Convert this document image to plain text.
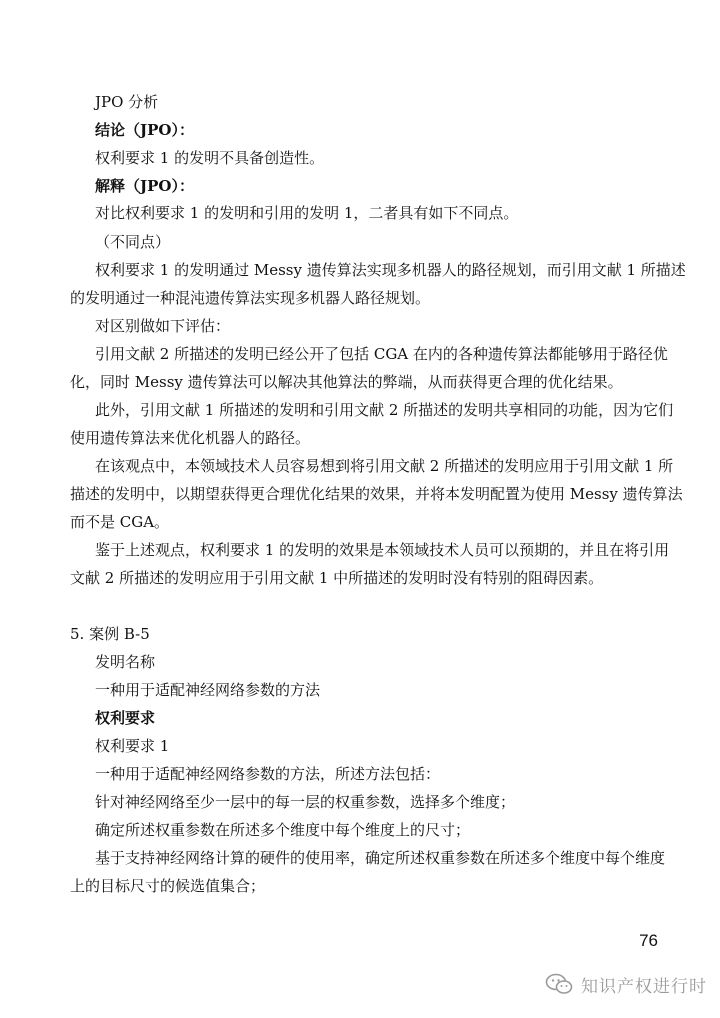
JPO 分析

结论（JPO）：

权利要求 1 的发明不具备创造性。

解释（JPO）：

对比权利要求 1 的发明和引用的发明 1，二者具有如下不同点。

（不同点）

权利要求 1 的发明通过 Messy 遗传算法实现多机器人的路径规划，而引用文献 1 所描述

的发明通过一种混沌遗传算法实现多机器人路径规划。

对区别做如下评估：

引用文献 2 所描述的发明已经公开了包括 CGA 在内的各种遗传算法都能够用于路径优

化，同时 Messy 遗传算法可以解决其他算法的弊端，从而获得更合理的优化结果。

此外，引用文献 1 所描述的发明和引用文献 2 所描述的发明共享相同的功能，因为它们

使用遗传算法来优化机器人的路径。

在该观点中，本领域技术人员容易想到将引用文献 2 所描述的发明应用于引用文献 1 所

描述的发明中，以期望获得更合理优化结果的效果，并将本发明配置为使用 Messy 遗传算法

而不是 CGA。

鉴于上述观点，权利要求 1 的发明的效果是本领域技术人员可以预期的，并且在将引用

文献 2 所描述的发明应用于引用文献 1 中所描述的发明时没有特别的阻碍因素。

5. 案例 B-5

发明名称

一种用于适配神经网络参数的方法

权利要求

权利要求 1

一种用于适配神经网络参数的方法，所述方法包括：

针对神经网络至少一层中的每一层的权重参数，选择多个维度；

确定所述权重参数在所述多个维度中每个维度上的尺寸；

基于支持神经网络计算的硬件的使用率，确定所述权重参数在所述多个维度中每个维度

上的目标尺寸的候选值集合；

76
知识产权进行时
